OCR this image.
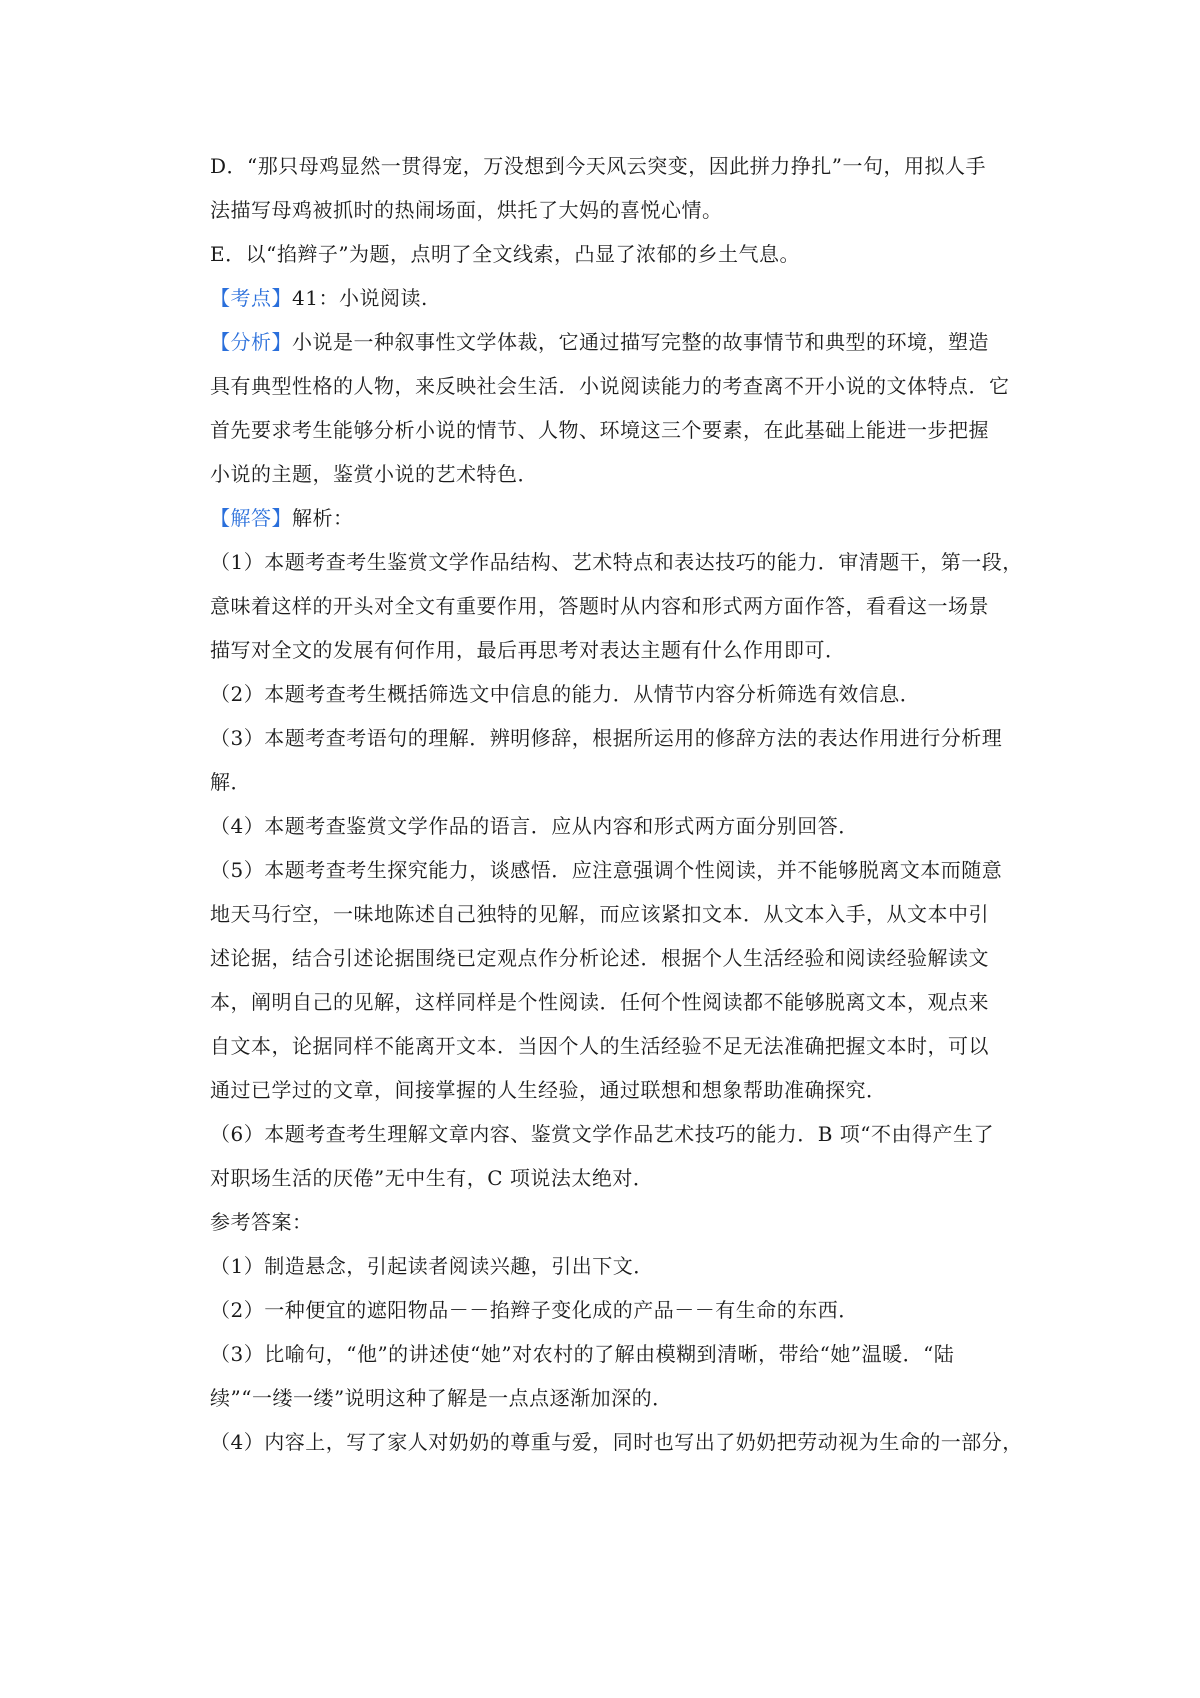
D．“那只母鸡显然一贯得宠，万没想到今天风云突变，因此拼力挣扎”一句，用拟人手
法描写母鸡被抓时的热闹场面，烘托了大妈的喜悦心情。
E．以“掐辫子”为题，点明了全文线索，凸显了浓郁的乡土气息。
【考点】41：小说阅读.
【分析】小说是一种叙事性文学体裁，它通过描写完整的故事情节和典型的环境，塑造
具有典型性格的人物，来反映社会生活．小说阅读能力的考查离不开小说的文体特点．它
首先要求考生能够分析小说的情节、人物、环境这三个要素，在此基础上能进一步把握
小说的主题，鉴赏小说的艺术特色．
【解答】解析：
（1）本题考查考生鉴赏文学作品结构、艺术特点和表达技巧的能力．审清题干，第一段，
意味着这样的开头对全文有重要作用，答题时从内容和形式两方面作答，看看这一场景
描写对全文的发展有何作用，最后再思考对表达主题有什么作用即可．
（2）本题考查考生概括筛选文中信息的能力．从情节内容分析筛选有效信息．
（3）本题考查考语句的理解．辨明修辞，根据所运用的修辞方法的表达作用进行分析理
解．
（4）本题考查鉴赏文学作品的语言．应从内容和形式两方面分别回答．
（5）本题考查考生探究能力，谈感悟．应注意强调个性阅读，并不能够脱离文本而随意
地天马行空，一味地陈述自己独特的见解，而应该紧扣文本．从文本入手，从文本中引
述论据，结合引述论据围绕已定观点作分析论述．根据个人生活经验和阅读经验解读文
本，阐明自己的见解，这样同样是个性阅读．任何个性阅读都不能够脱离文本，观点来
自文本，论据同样不能离开文本．当因个人的生活经验不足无法准确把握文本时，可以
通过已学过的文章，间接掌握的人生经验，通过联想和想象帮助准确探究．
（6）本题考查考生理解文章内容、鉴赏文学作品艺术技巧的能力．B 项“不由得产生了
对职场生活的厌倦”无中生有，C 项说法太绝对．
参考答案：
（1）制造悬念，引起读者阅读兴趣，引出下文．
（2）一种便宜的遮阳物品－－掐辫子变化成的产品－－有生命的东西．
（3）比喻句，“他”的讲述使“她”对农村的了解由模糊到清晰，带给“她”温暖．“陆
续”“一缕一缕”说明这种了解是一点点逐渐加深的．
（4）内容上，写了家人对奶奶的尊重与爱，同时也写出了奶奶把劳动视为生命的一部分，
